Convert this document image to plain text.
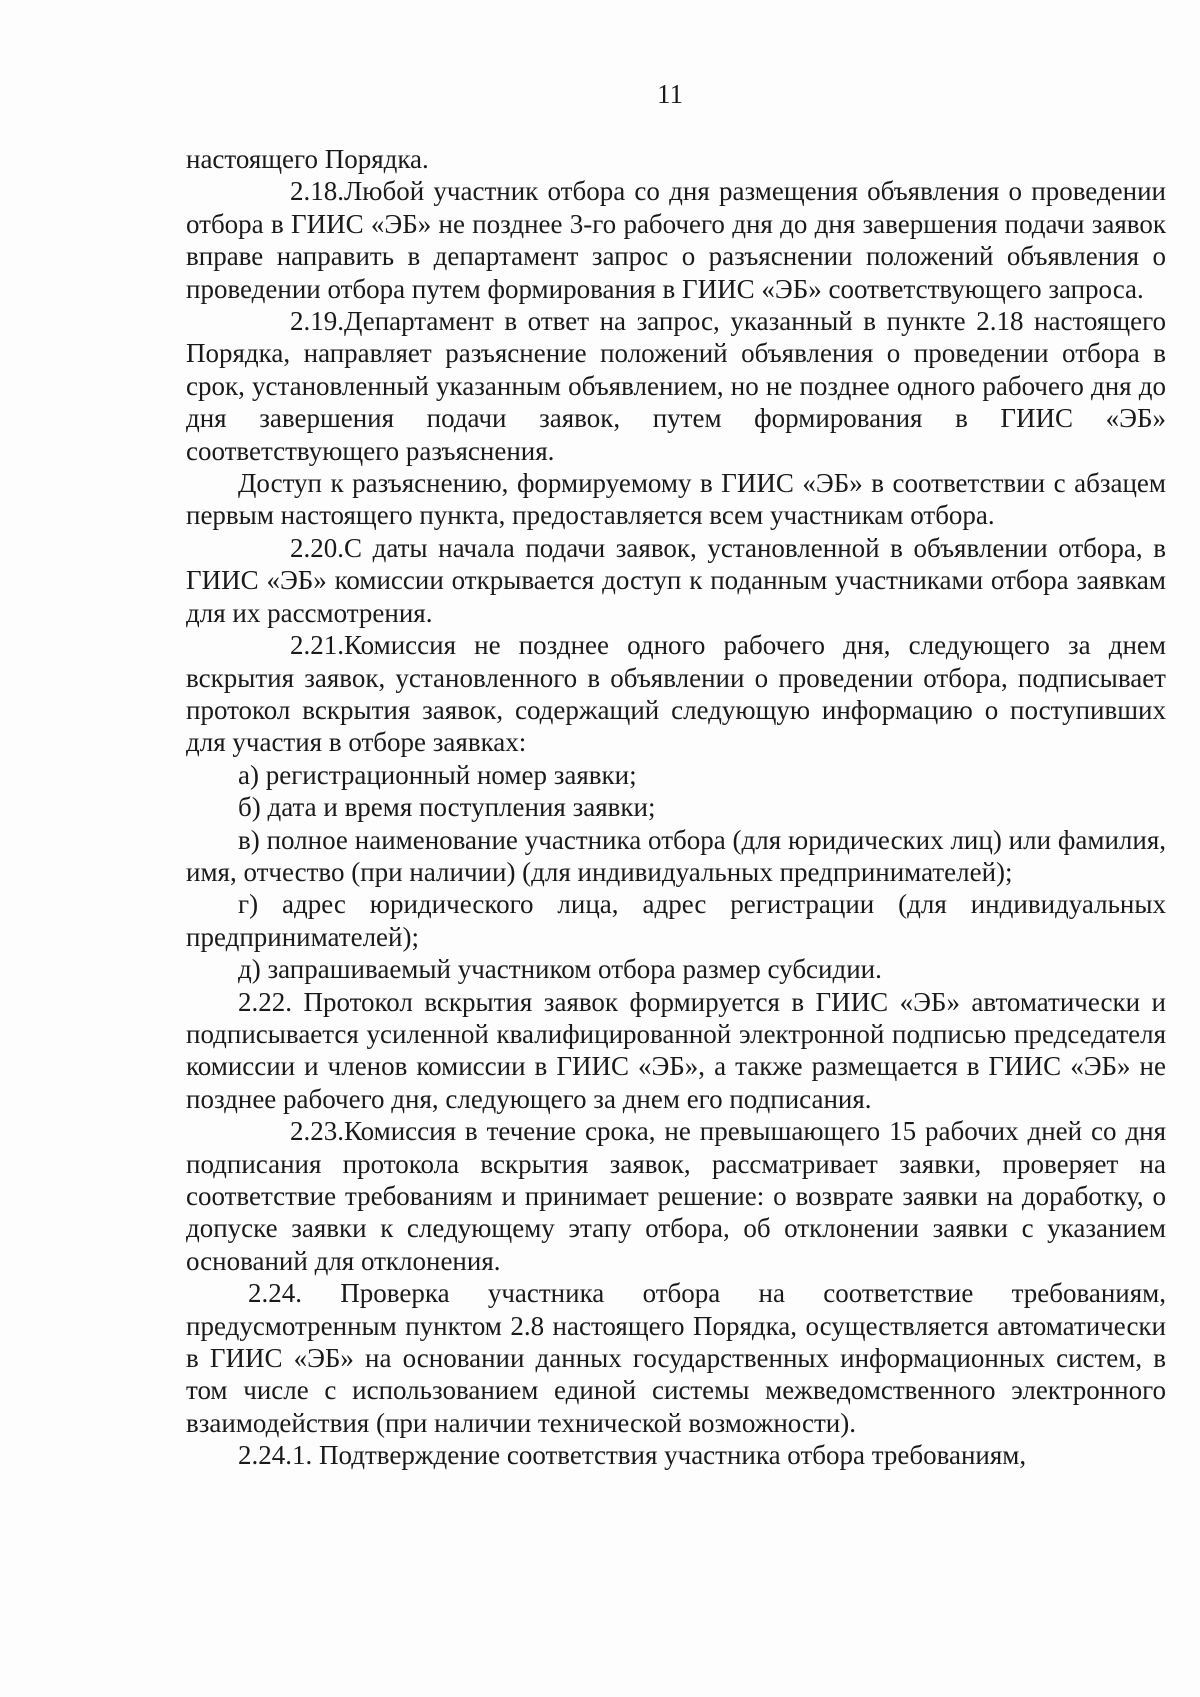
11

настоящего Порядка.

2.18.Любой участник отбора со дня размещения объявления о проведении отбора в ГИИС «ЭБ» не позднее 3-го рабочего дня до дня завершения подачи заявок вправе направить в департамент запрос о разъяснении положений объявления о проведении отбора путем формирования в ГИИС «ЭБ» соответствующего запроса.

2.19.Департамент в ответ на запрос, указанный в пункте 2.18 настоящего Порядка, направляет разъяснение положений объявления о проведении отбора в срок, установленный указанным объявлением, но не позднее одного рабочего дня до дня завершения подачи заявок, путем формирования в ГИИС «ЭБ» соответствующего разъяснения.

Доступ к разъяснению, формируемому в ГИИС «ЭБ» в соответствии с абзацем первым настоящего пункта, предоставляется всем участникам отбора.

2.20.С даты начала подачи заявок, установленной в объявлении отбора, в ГИИС «ЭБ» комиссии открывается доступ к поданным участниками отбора заявкам для их рассмотрения.

2.21.Комиссия не позднее одного рабочего дня, следующего за днем вскрытия заявок, установленного в объявлении о проведении отбора, подписывает протокол вскрытия заявок, содержащий следующую информацию о поступивших для участия в отборе заявках:

а) регистрационный номер заявки;

б) дата и время поступления заявки;

в) полное наименование участника отбора (для юридических лиц) или фамилия, имя, отчество (при наличии) (для индивидуальных предпринимателей);

г) адрес юридического лица, адрес регистрации (для индивидуальных предпринимателей);

д) запрашиваемый участником отбора размер субсидии.

2.22. Протокол вскрытия заявок формируется в ГИИС «ЭБ» автоматически и подписывается усиленной квалифицированной электронной подписью председателя комиссии и членов комиссии в ГИИС «ЭБ», а также размещается в ГИИС «ЭБ» не позднее рабочего дня, следующего за днем его подписания.

2.23.Комиссия в течение срока, не превышающего 15 рабочих дней со дня подписания протокола вскрытия заявок, рассматривает заявки, проверяет на соответствие требованиям и принимает решение: о возврате заявки на доработку, о допуске заявки к следующему этапу отбора, об отклонении заявки с указанием оснований для отклонения.

2.24. Проверка участника отбора на соответствие требованиям, предусмотренным пунктом 2.8 настоящего Порядка, осуществляется автоматически в ГИИС «ЭБ» на основании данных государственных информационных систем, в том числе с использованием единой системы межведомственного электронного взаимодействия (при наличии технической возможности).

2.24.1. Подтверждение соответствия участника отбора требованиям,
